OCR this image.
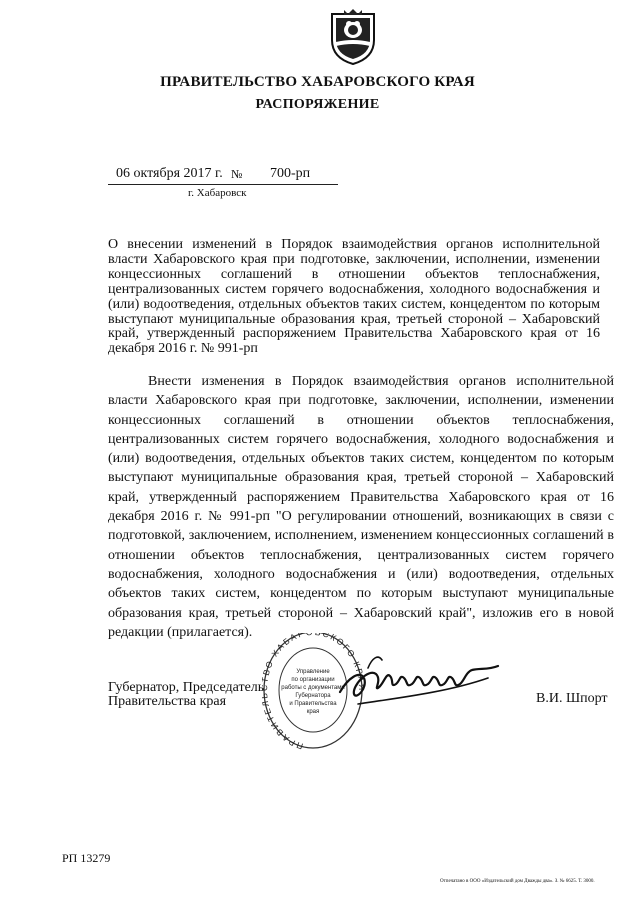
ПРАВИТЕЛЬСТВО ХАБАРОВСКОГО КРАЯ
РАСПОРЯЖЕНИЕ
06 октября 2017 г. № 700-рп
г. Хабаровск
О внесении изменений в Порядок взаимодействия органов исполнительной власти Хабаровского края при подготовке, заключении, исполнении, изменении концессионных соглашений в отношении объектов теплоснабжения, централизованных систем горячего водоснабжения, холодного водоснабжения и (или) водоотведения, отдельных объектов таких систем, концедентом по которым выступают муниципальные образования края, третьей стороной – Хабаровский край, утвержденный распоряжением Правительства Хабаровского края от 16 декабря 2016 г. № 991-рп
Внести изменения в Порядок взаимодействия органов исполнительной власти Хабаровского края при подготовке, заключении, исполнении, изменении концессионных соглашений в отношении объектов теплоснабжения, централизованных систем горячего водоснабжения, холодного водоснабжения и (или) водоотведения, отдельных объектов таких систем, концедентом по которым выступают муниципальные образования края, третьей стороной – Хабаровский край, утвержденный распоряжением Правительства Хабаровского края от 16 декабря 2016 г. № 991-рп "О регулировании отношений, возникающих в связи с подготовкой, заключением, исполнением, изменением концессионных соглашений в отношении объектов теплоснабжения, централизованных систем горячего водоснабжения, холодного водоснабжения и (или) водоотведения, отдельных объектов таких систем, концедентом по которым выступают муниципальные образования края, третьей стороной – Хабаровский край", изложив его в новой редакции (прилагается).
Губернатор, Председатель
Правительства края	В.И. Шпорт
ПРАВИТЕ О ХАБАР СКОГО К
Управление
по организации
работы с документами
Губернатора
и Правительства
края
РП 13279
Отпечатано в ООО «Издательский дом Дважды два». З. № 6625. Т. 3000.
